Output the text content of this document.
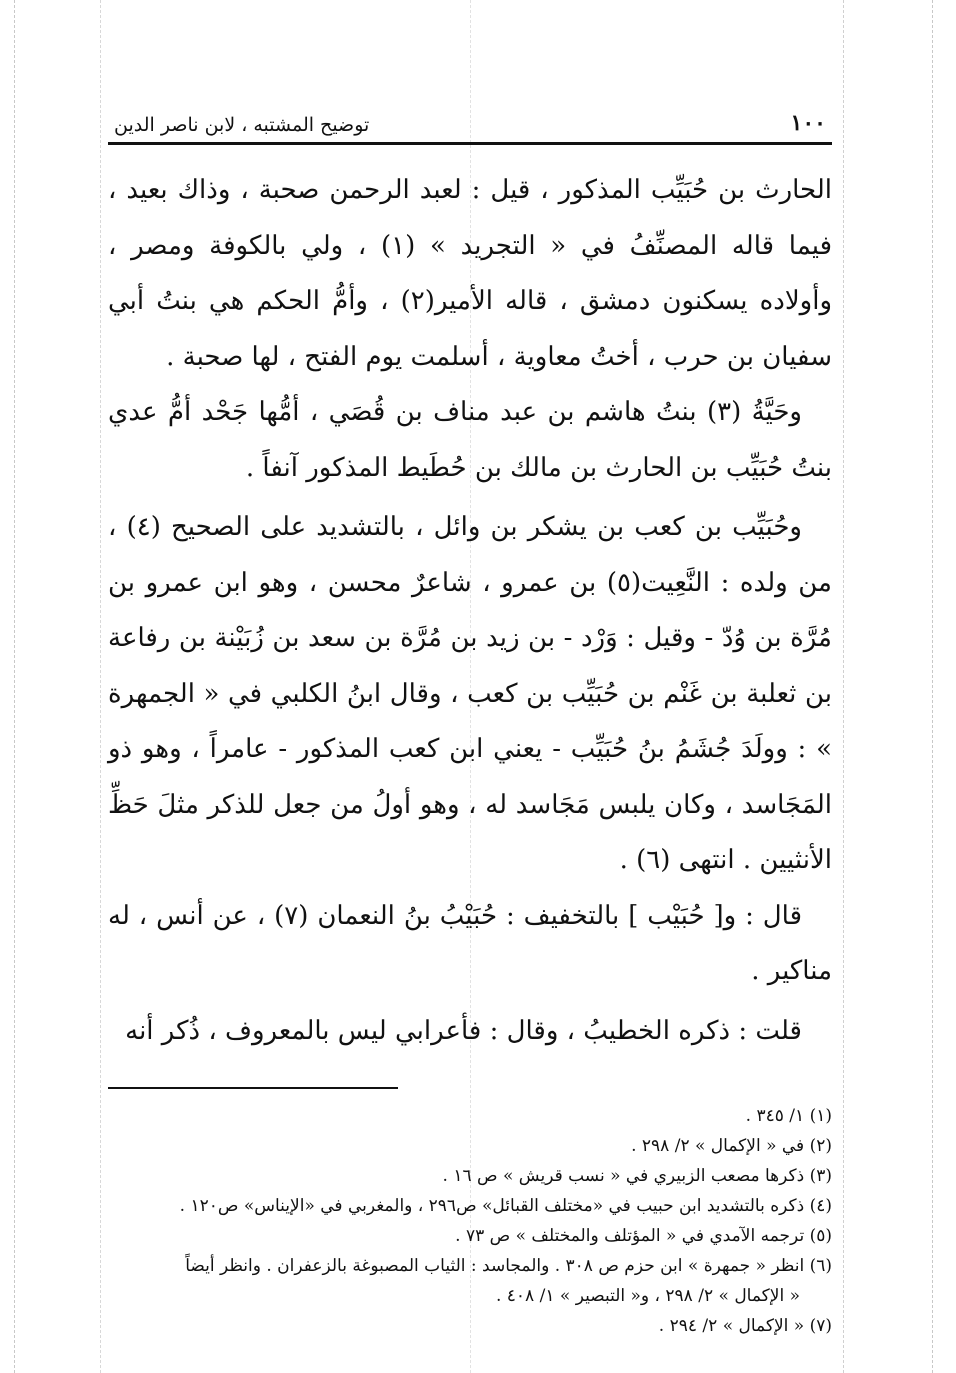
١٠٠
توضيح المشتبه ، لابن ناصر الدين

الحارث بن حُبَيِّب المذكور ، قيل : لعبد الرحمن صحبة ، وذاك بعيد ، فيما قاله المصنِّفُ في « التجريد » (١) ، ولي بالكوفة ومصر ، وأولاده يسكنون دمشق ، قاله الأمير(٢) ، وأمُّ الحكم هي بنتُ أبي سفيان بن حرب ، أختُ معاوية ، أسلمت يوم الفتح ، لها صحبة .

وحَيَّةُ (٣) بنتُ هاشم بن عبد مناف بن قُصَي ، أمُّها جَحْد أمُّ عدي بنتُ حُبَيِّب بن الحارث بن مالك بن حُطَيط المذكور آنفاً .

وحُبَيِّب بن كعب بن يشكر بن وائل ، بالتشديد على الصحيح (٤) ، من ولده : النَّعِيت(٥) بن عمرو ، شاعرٌ محسن ، وهو ابن عمرو بن مُرَّة بن وُدّ - وقيل : وَرْد - بن زيد بن مُرَّة بن سعد بن زُبَيْنة بن رفاعة بن ثعلبة بن غَنْم بن حُبَيِّب بن كعب ، وقال ابنُ الكلبي في « الجمهرة » : وولَدَ جُشَمُ بنُ حُبَيِّب - يعني ابن كعب المذكور - عامراً ، وهو ذو المَجَاسد ، وكان يلبس مَجَاسد له ، وهو أولُ من جعل للذكر مثلَ حَظِّ الأنثيين . انتهى (٦) .

قال : و[ حُبَيْب ] بالتخفيف : حُبَيْبُ بنُ النعمان (٧) ، عن أنس ، له مناكير .

قلت : ذكره الخطيبُ ، وقال : فأعرابي ليس بالمعروف ، ذُكر أنه

(١) ١/ ٣٤٥ .

(٢) في « الإكمال » ٢/ ٢٩٨ .

(٣) ذكرها مصعب الزبيري في « نسب قريش » ص ١٦ .

(٤) ذكره بالتشديد ابن حبيب في «مختلف القبائل» ص٢٩٦ ، والمغربي في «الإيناس» ص١٢٠ .

(٥) ترجمه الآمدي في « المؤتلف والمختلف » ص ٧٣ .

(٦) انظر « جمهرة » ابن حزم ص ٣٠٨ . والمجاسد : الثياب المصبوغة بالزعفران . وانظر أيضاً

« الإكمال » ٢/ ٢٩٨ ، و« التبصير » ١/ ٤٠٨ .

(٧) « الإكمال » ٢/ ٢٩٤ .
